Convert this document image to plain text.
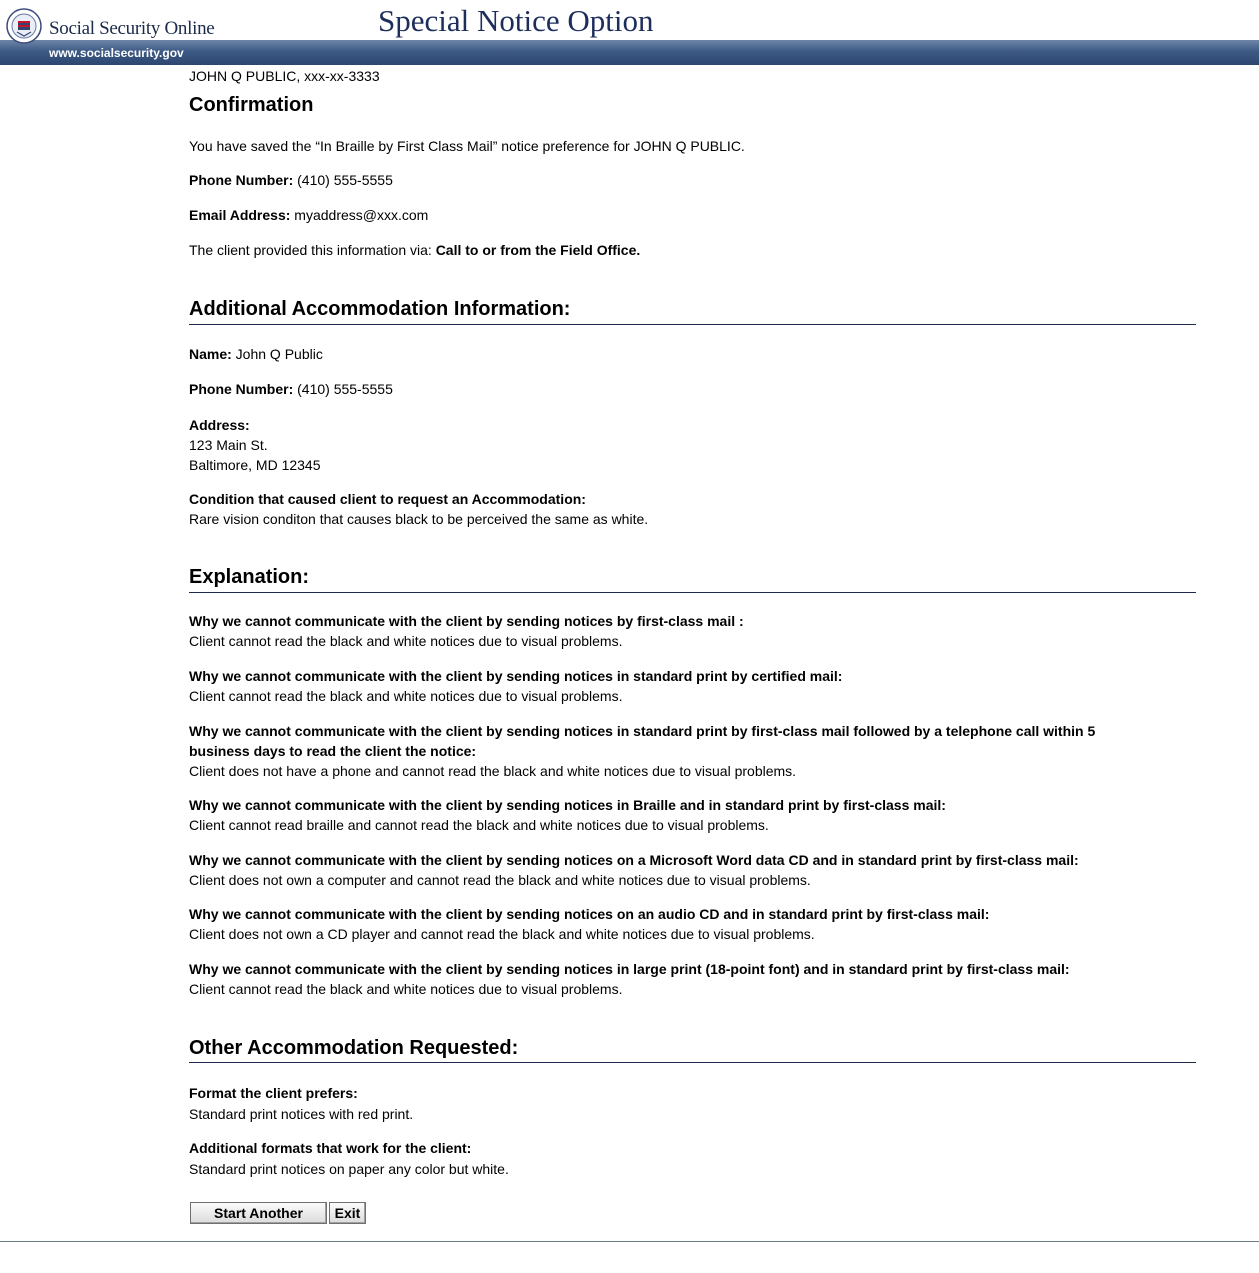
Social Security Online
www.socialsecurity.gov
Special Notice Option
JOHN Q PUBLIC, xxx-xx-3333
Confirmation
You have saved the “In Braille by First Class Mail” notice preference for JOHN Q PUBLIC.
Phone Number: (410) 555-5555
Email Address: myaddress@xxx.com
The client provided this information via: Call to or from the Field Office.
Additional Accommodation Information:
Name: John Q Public
Phone Number: (410) 555-5555
Address:
123 Main St.
Baltimore, MD 12345
Condition that caused client to request an Accommodation:
Rare vision conditon that causes black to be perceived the same as white.
Explanation:
Why we cannot communicate with the client by sending notices by first-class mail :
Client cannot read the black and white notices due to visual problems.
Why we cannot communicate with the client by sending notices in standard print by certified mail:
Client cannot read the black and white notices due to visual problems.
Why we cannot communicate with the client by sending notices in standard print by first-class mail followed by a telephone call within 5 business days to read the client the notice:
Client does not have a phone and cannot read the black and white notices due to visual problems.
Why we cannot communicate with the client by sending notices in Braille and in standard print by first-class mail:
Client cannot read braille and cannot read the black and white notices due to visual problems.
Why we cannot communicate with the client by sending notices on a Microsoft Word data CD and in standard print by first-class mail:
Client does not own a computer and cannot read the black and white notices due to visual problems.
Why we cannot communicate with the client by sending notices on an audio CD and in standard print by first-class mail:
Client does not own a CD player and cannot read the black and white notices due to visual problems.
Why we cannot communicate with the client by sending notices in large print (18-point font) and in standard print by first-class mail:
Client cannot read the black and white notices due to visual problems.
Other Accommodation Requested:
Format the client prefers:
Standard print notices with red print.
Additional formats that work for the client:
Standard print notices on paper any color but white.
Start Another	Exit
